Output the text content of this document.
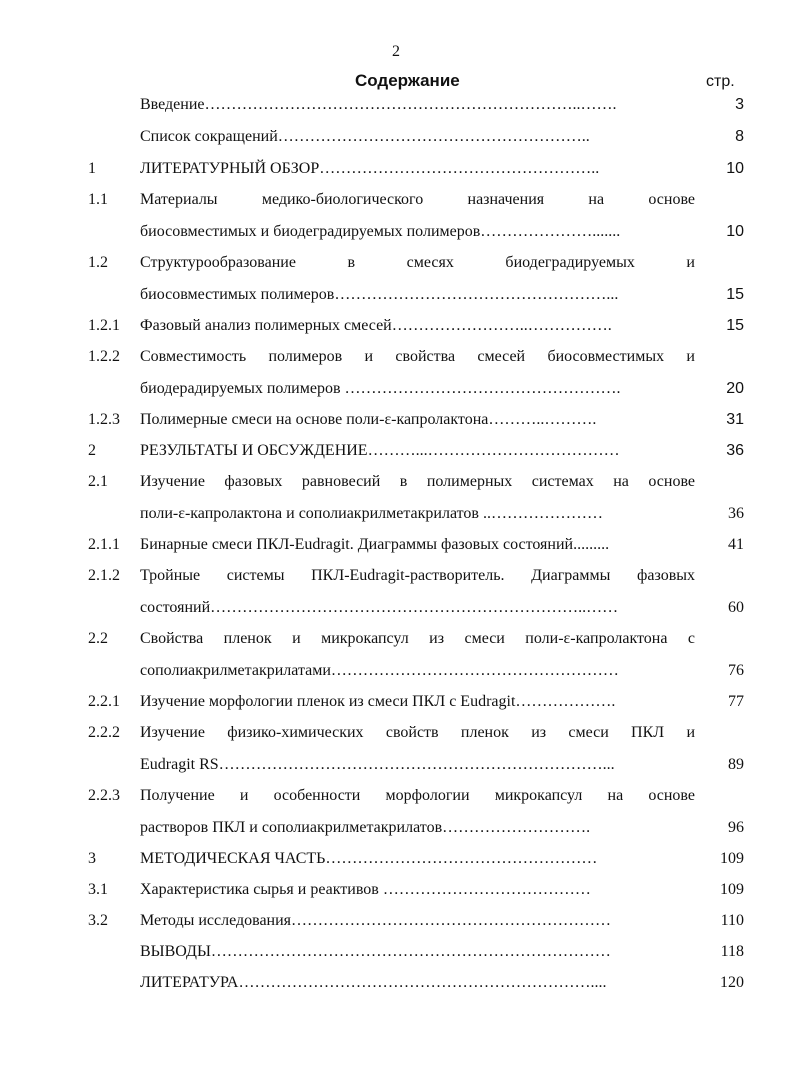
2
Содержание	стр.
Введение……………………………………………………………..…….	3
Список сокращений…………………………………………………..	8
1	ЛИТЕРАТУРНЫЙ ОБЗОР……………………………………………..	10
1.1 Материалы медико-биологического назначения на основе
биосовместимых и биодеградируемых полимеров………………….......	10
1.2 Структурообразование в смесях биодеградируемых и
биосовместимых полимеров……………………………………………...	15
1.2.1 Фазовый анализ полимерных смесей……………………..…………….	15
1.2.2 Совместимость полимеров и свойства смесей биосовместимых и
биодерадируемых полимеров …………………………………………….	20
1.2.3 Полимерные смеси на основе поли-ε-капролактона………..……….	31
2	РЕЗУЛЬТАТЫ И ОБСУЖДЕНИЕ………...………………………………	36
2.1 Изучение фазовых равновесий в полимерных системах на основе
поли-ε-капролактона и сополиакрилметакрилатов ..…………………	36
2.1.1 Бинарные смеси ПКЛ-Eudragit. Диаграммы фазовых состояний.........	41
2.1.2 Тройные системы ПКЛ-Eudragit-растворитель. Диаграммы фазовых
состояний……………………………………………………………..……	60
2.2 Свойства пленок и микрокапсул из смеси поли-ε-капролактона с
сополиакрилметакрилатами………………………………………………	76
2.2.1 Изучение морфологии пленок из смеси ПКЛ с Eudragit……………….	77
2.2.2 Изучение физико-химических свойств пленок из смеси ПКЛ и
Eudragit RS………………………………………………………………...	89
2.2.3 Получение и особенности морфологии микрокапсул на основе
растворов ПКЛ и сополиакрилметакрилатов……………………….	96
3	МЕТОДИЧЕСКАЯ ЧАСТЬ……………………………………………	109
3.1 Характеристика сырья и реактивов …………………………………	109
3.2 Методы исследования……………………………………………………	110
ВЫВОДЫ…………………………………………………………………	118
ЛИТЕРАТУРА…………………………………………………………....	120
